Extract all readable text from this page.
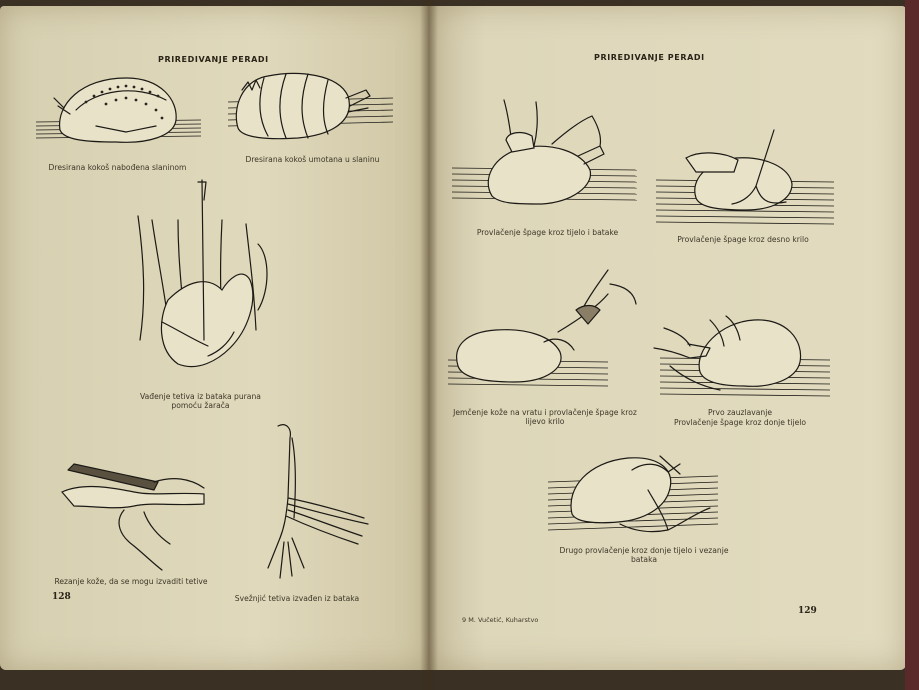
PRIREDIVANJE PERADI
Dresirana kokoš nabođena slaninom
Dresirana kokoš umotana u slaninu
Vađenje tetiva iz bataka purana pomoću žarača
Rezanje kože, da se mogu izvaditi tetive
Svežnjić tetiva izvađen iz bataka
128
PRIREDIVANJE PERADI
Provlačenje špage kroz tijelo i batake
Provlačenje špage kroz desno krilo
Jemčenje kože na vratu i provlačenje špage kroz lijevo krilo
Prvo zauzlavanje
Provlačenje špage kroz donje tijelo
Drugo provlačenje kroz donje tijelo i vezanje bataka
9 M. Vučetić, Kuharstvo
129
